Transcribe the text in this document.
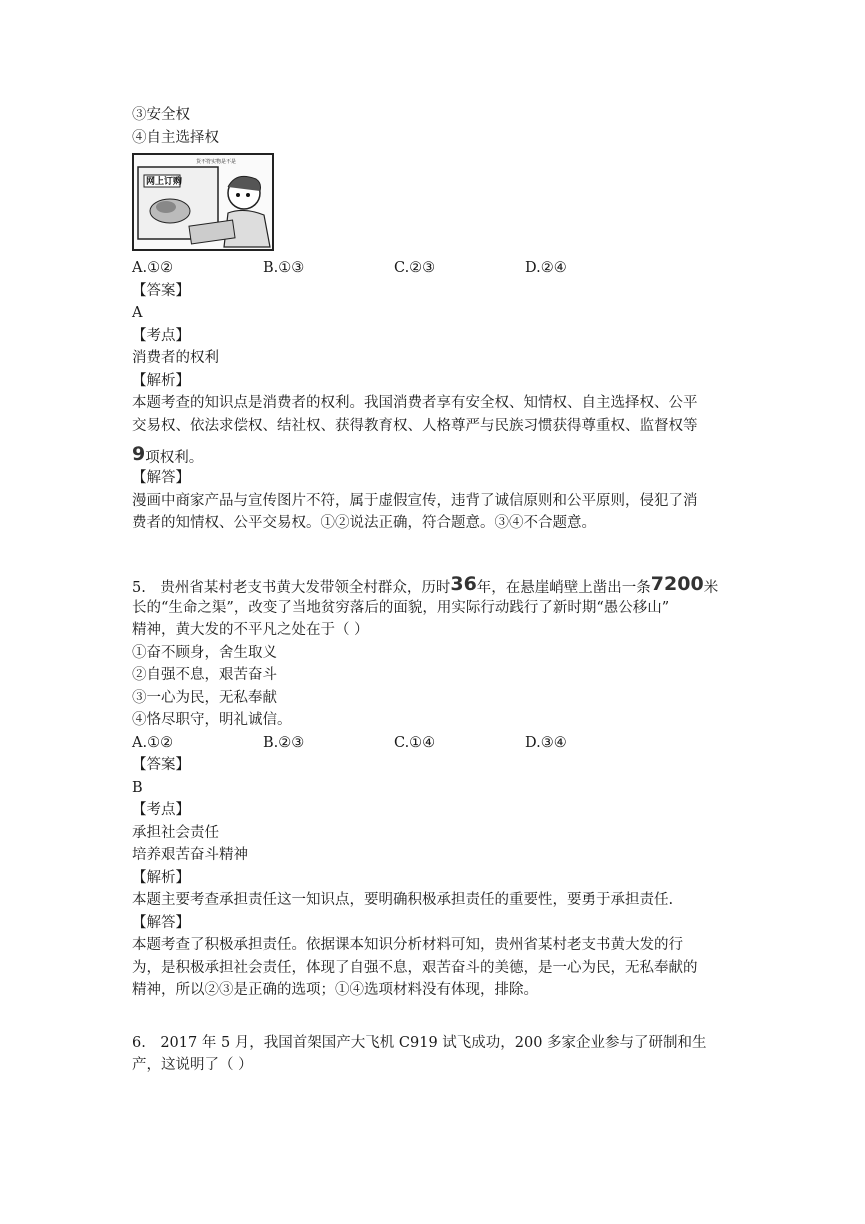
③安全权
④自主选择权
货不符实物是不是
网上订购
A.①②	B.①③	C.②③	D.②④
【答案】
A
【考点】
消费者的权利
【解析】
本题考查的知识点是消费者的权利。我国消费者享有安全权、知情权、自主选择权、公平
交易权、依法求偿权、结社权、获得教育权、人格尊严与民族习惯获得尊重权、监督权等
9项权利。
【解答】
漫画中商家产品与宣传图片不符，属于虚假宣传，违背了诚信原则和公平原则，侵犯了消
费者的知情权、公平交易权。①②说法正确，符合题意。③④不合题意。
5.　贵州省某村老支书黄大发带领全村群众，历时36年，在悬崖峭壁上凿出一条7200米
长的“生命之渠”，改变了当地贫穷落后的面貌，用实际行动践行了新时期“愚公移山”
精神，黄大发的不平凡之处在于（ ）
①奋不顾身，舍生取义
②自强不息，艰苦奋斗
③一心为民，无私奉献
④恪尽职守，明礼诚信。
A.①②	B.②③	C.①④	D.③④
【答案】
B
【考点】
承担社会责任
培养艰苦奋斗精神
【解析】
本题主要考查承担责任这一知识点，要明确积极承担责任的重要性，要勇于承担责任.
【解答】
本题考查了积极承担责任。依据课本知识分析材料可知，贵州省某村老支书黄大发的行
为，是积极承担社会责任，体现了自强不息，艰苦奋斗的美德，是一心为民，无私奉献的
精神，所以②③是正确的选项；①④选项材料没有体现，排除。
6.　2017 年 5 月，我国首架国产大飞机 C919 试飞成功，200 多家企业参与了研制和生
产，这说明了（ ）
